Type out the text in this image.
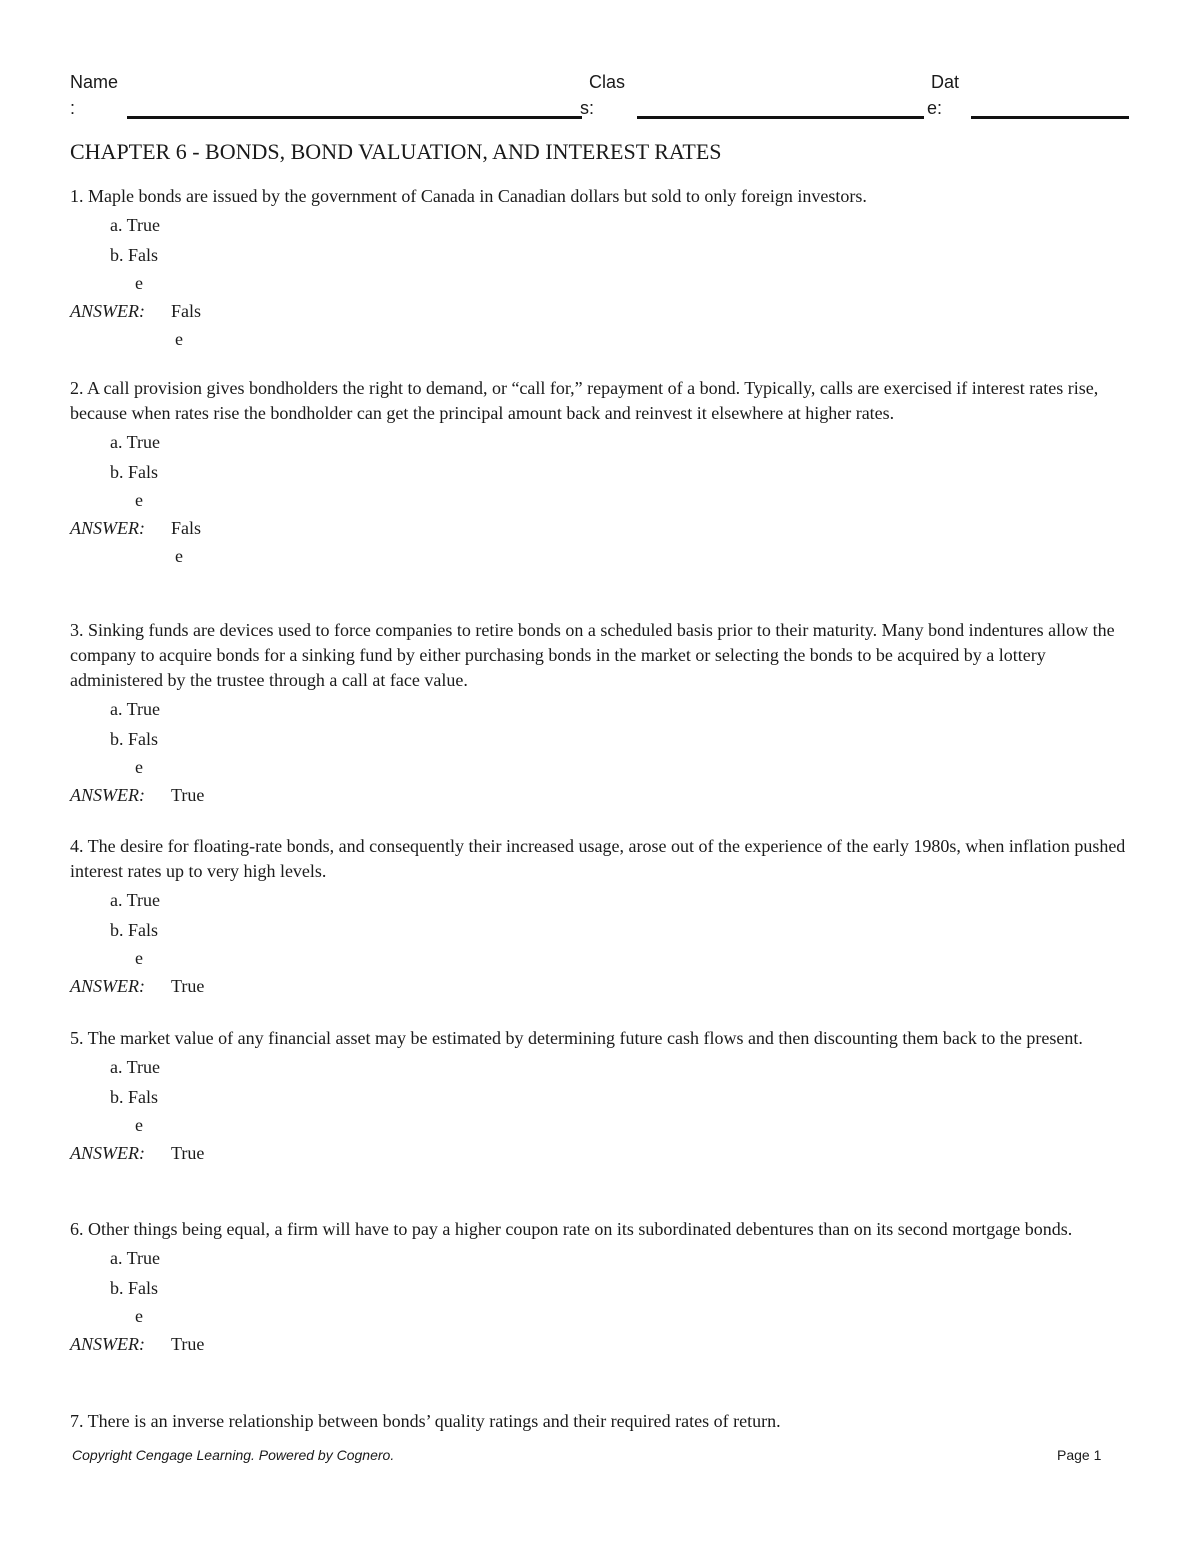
Name
:
Clas
s:
Dat
e:
CHAPTER 6 - BONDS, BOND VALUATION, AND INTEREST RATES

1. Maple bonds are issued by the government of Canada in Canadian dollars but sold to only foreign investors.

a. True
b. Fals
e
ANSWER:	Fals
e

2. A call provision gives bondholders the right to demand, or “call for,” repayment of a bond. Typically, calls are exercised if interest rates rise, because when rates rise the bondholder can get the principal amount back and reinvest it elsewhere at higher rates.

a. True
b. Fals
e
ANSWER:	Fals
e

3. Sinking funds are devices used to force companies to retire bonds on a scheduled basis prior to their maturity. Many bond indentures allow the company to acquire bonds for a sinking fund by either purchasing bonds in the market or selecting the bonds to be acquired by a lottery administered by the trustee through a call at face value.

a. True
b. Fals
e
ANSWER:	True

4. The desire for floating-rate bonds, and consequently their increased usage, arose out of the experience of the early 1980s, when inflation pushed interest rates up to very high levels.

a. True
b. Fals
e
ANSWER:	True

5. The market value of any financial asset may be estimated by determining future cash flows and then discounting them back to the present.

a. True
b. Fals
e
ANSWER:	True

6. Other things being equal, a firm will have to pay a higher coupon rate on its subordinated debentures than on its second mortgage bonds.

a. True
b. Fals
e
ANSWER:	True

7. There is an inverse relationship between bonds’ quality ratings and their required rates of return.

Copyright Cengage Learning. Powered by Cognero.	Page 1
